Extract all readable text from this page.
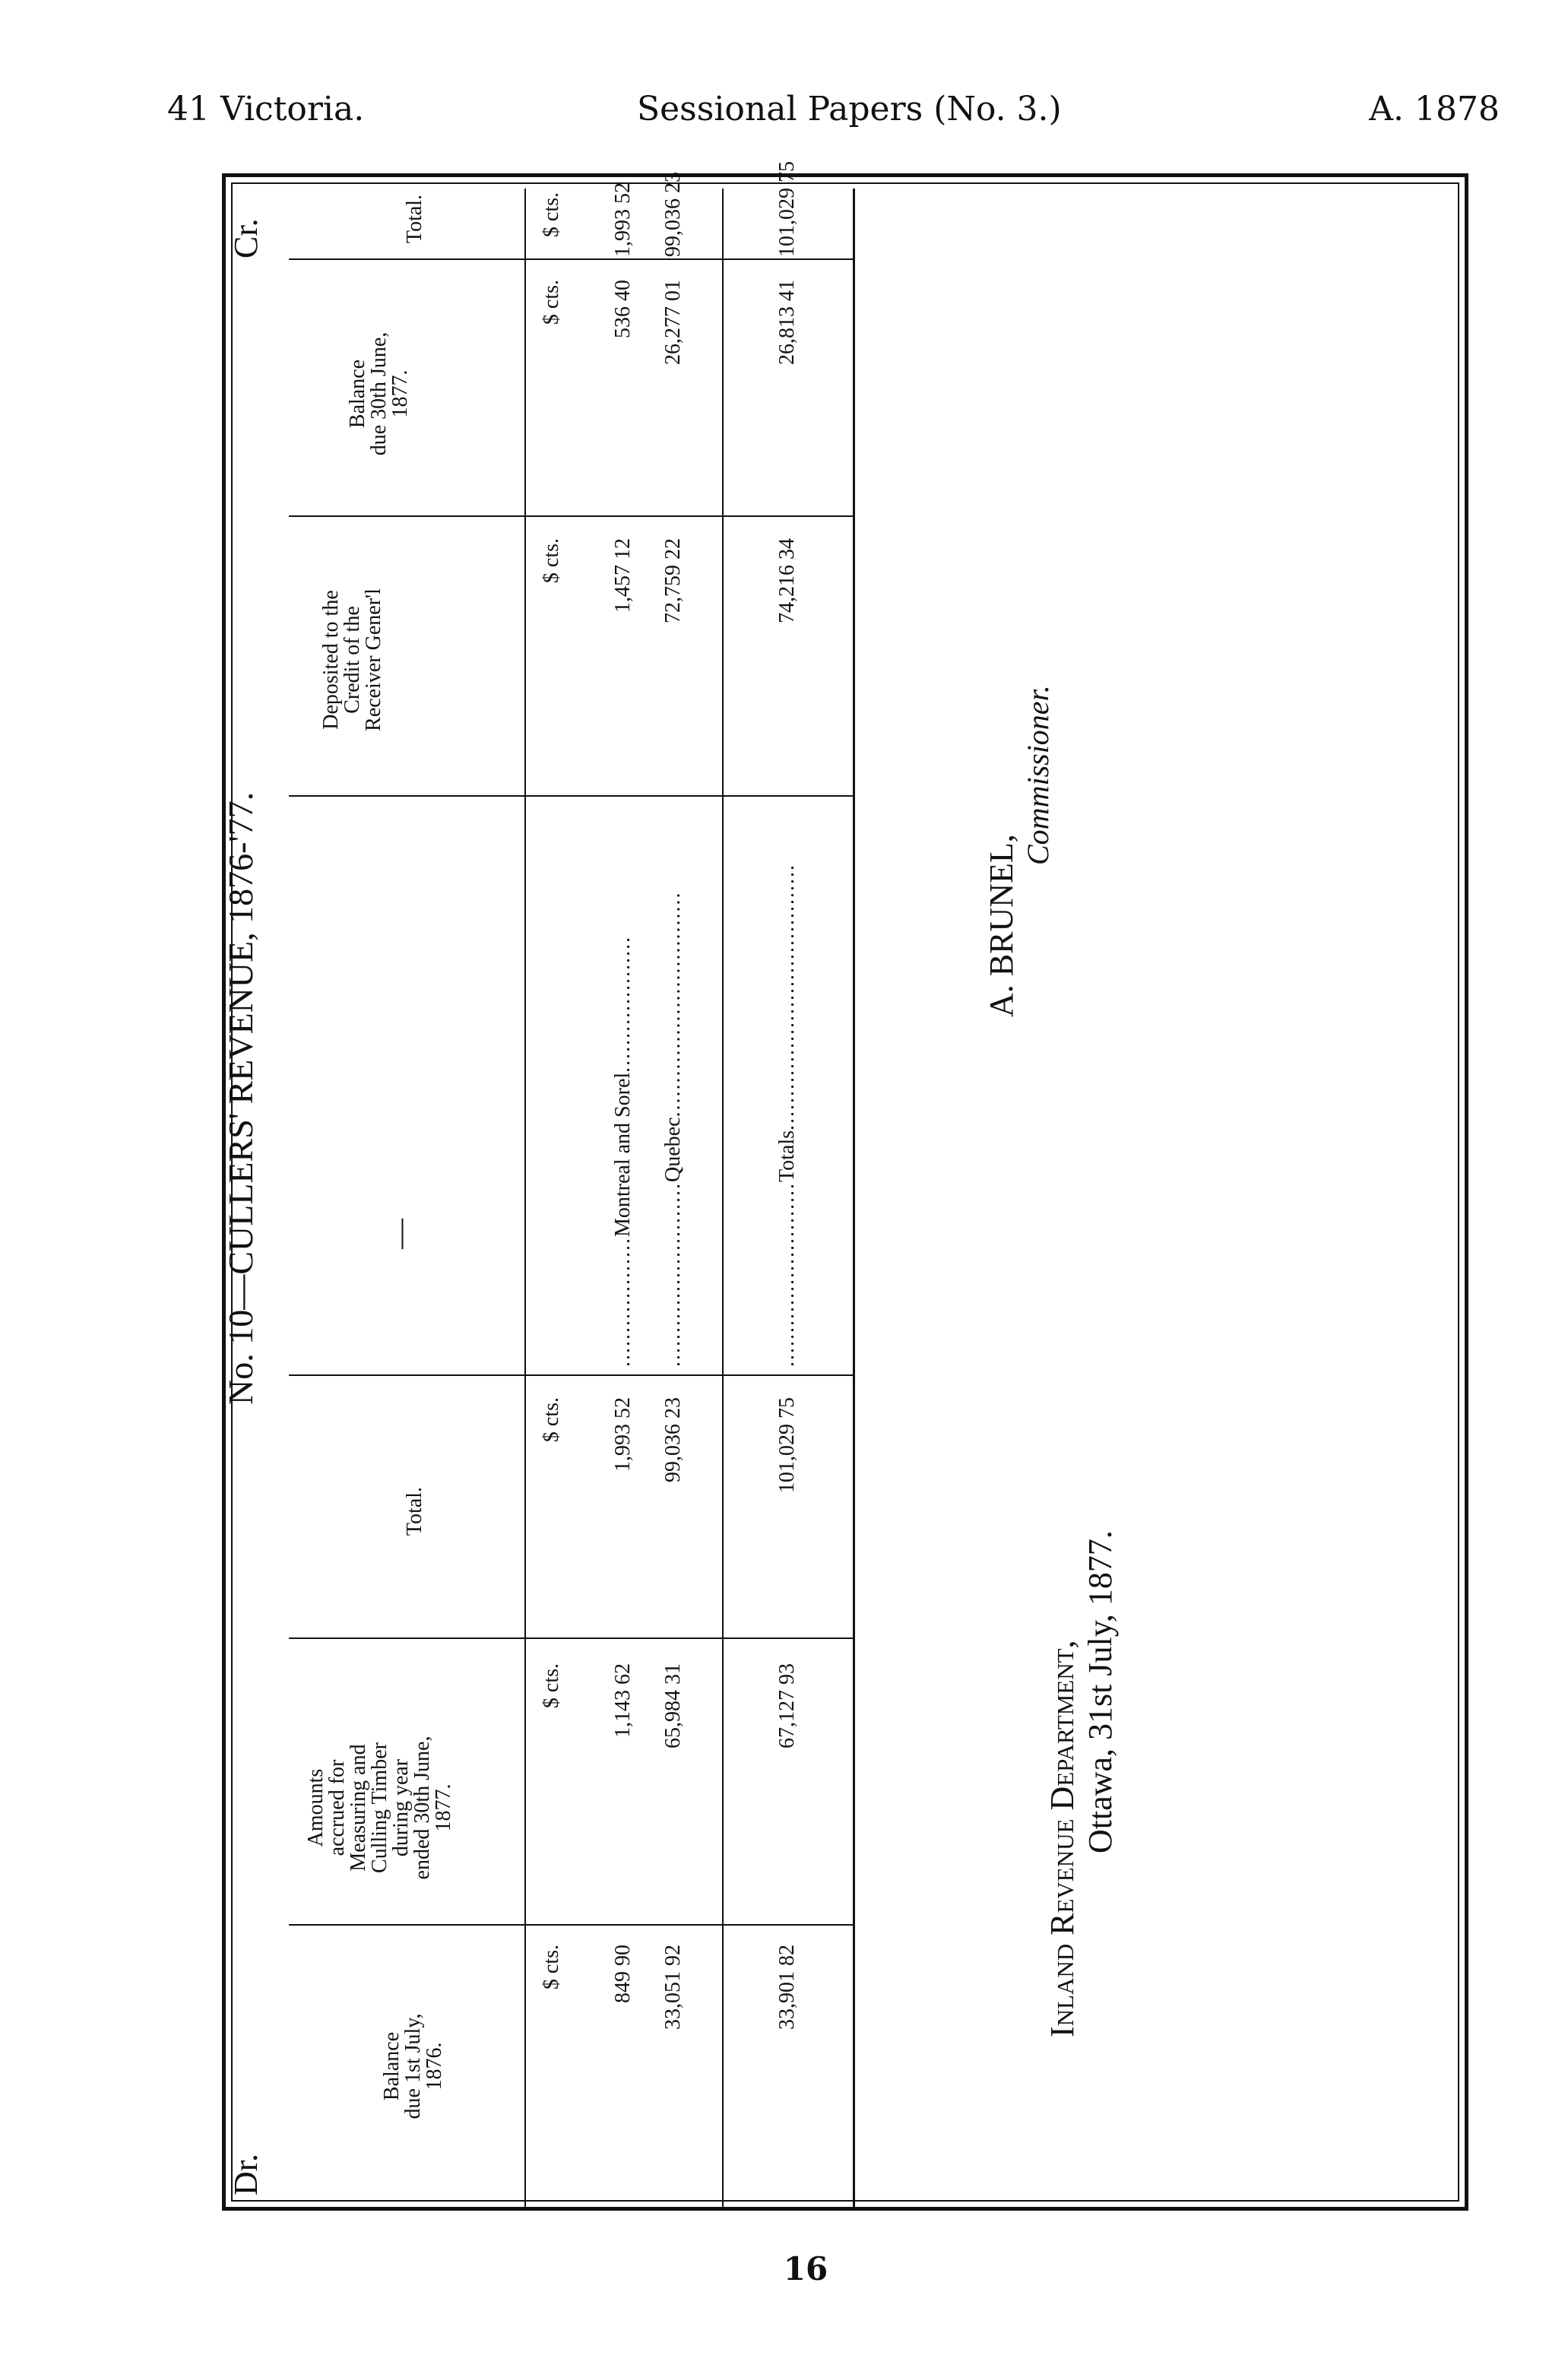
41 Victoria.	Sessional Papers (No. 3.)	A. 1878
Dr.
No. 10—CULLERS' REVENUE, 1876-'77.
Cr.
Balance
due 1st July,
1876.
Amounts
accrued for
Measuring and
Culling Timber
during year
ended 30th June,
1877.
Total.
—
Deposited to the
Credit of the
Receiver Gener'l
Balance
due 30th June,
1877.
Total.
$ cts.
$ cts.
$ cts.
$ cts.
$ cts.
$ cts.
849 90
1,143 62
1,993 52
...................Montreal and Sorel....................
1,457 12
536 40
1,993 52
33,051 92
65,984 31
99,036 23
...........................Quebec.................................
72,759 22
26,277 01
99,036 23
33,901 82
67,127 93
101,029 75
...........................Totals.......................................
74,216 34
26,813 41
101,029 75
A. BRUNEL,
Commissioner.
Inland Revenue Department, Ottawa, 31st July, 1877.
16
